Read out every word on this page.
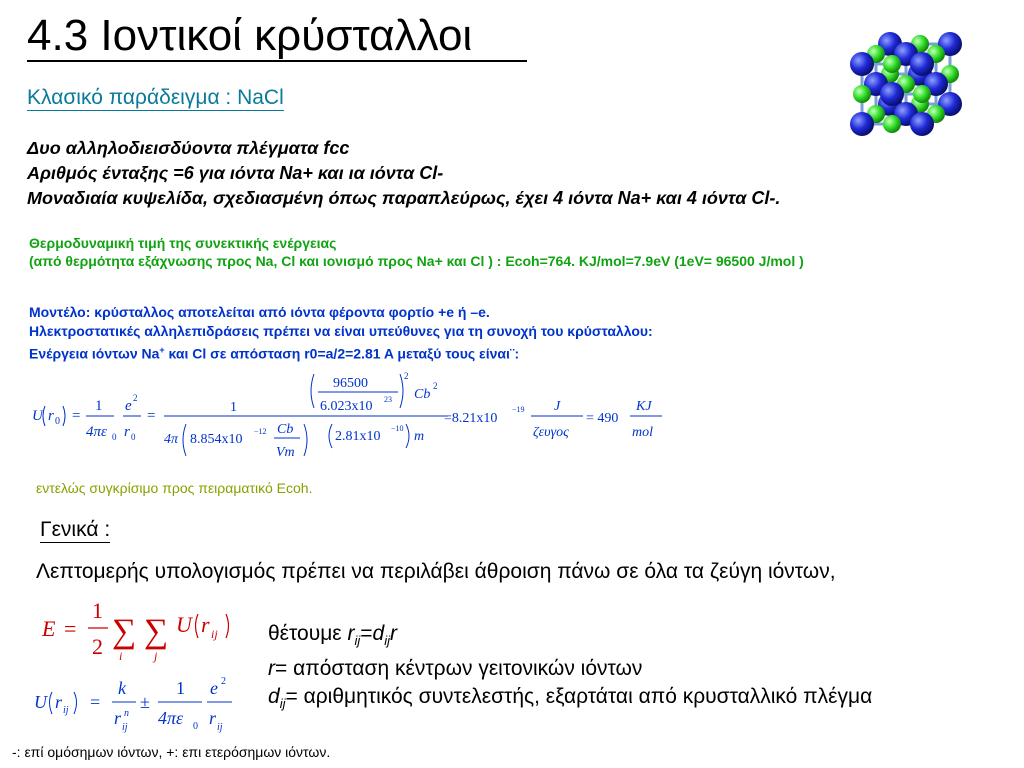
4.3 Ιοντικοί κρύσταλλοι
Κλασικό παράδειγμα : NaCl
Δυο αλληλοδιεισδύοντα πλέγματα fcc
Αριθμός ένταξης =6 για ιόντα Na+ και ια ιόντα Cl-
Μοναδιαία κυψελίδα, σχεδιασμένη όπως παραπλεύρως, έχει 4 ιόντα Na+ και 4 ιόντα Cl-.
Θερμοδυναμική τιμή της συνεκτικής ενέργειας
(από θερμότητα εξάχνωσης προς Na, Cl και ιονισμό προς Na+ και Cl ) : Ecoh=764. KJ/mol=7.9eV (1eV= 96500 J/mol )
Μοντέλο: κρύσταλλος αποτελείται από ιόντα φέροντα φορτίο +e ή –e.
Ηλεκτροστατικές αλληλεπιδράσεις πρέπει να είναι υπεύθυνες για τη συνοχή του κρύσταλλου:
Ενέργεια ιόντων Na+ και Cl σε απόσταση r0=a/2=2.81 A μεταξύ τους είναι¨:
U r 0 =
1
4πε 0
e 2
r 0
=
96500
6.023x10 23
2
Cb
2
1
4π 8.854x10
−12 Cb
Vm
2.81x10
−10
m
=8.21x10
−19 J
ζευγος
= 490
KJ
mol
εντελώς συγκρίσιμο προς πειραματικό Ecoh.
Γενικά :
Λεπτομερής υπολογισμός πρέπει να περιλάβει άθροιση πάνω σε όλα τα ζεύγη ιόντων,
E =
1
2 ∑
i
∑
j
U r ij
U r ij =
k
r n
ij
±
1
4πε 0
e 2
r ij
θέτουμε $r_{ij}=d_{ij}r$
r= απόσταση κέντρων γειτονικών ιόντων
$d_{ij}= \alpha\rho\iota\theta\mu\eta\tau\iota\kappa ό\varsigma$ συντελεστής, εξαρτάται από κρυσταλλικό πλέγμα
-: επί ομόσημων ιόντων, +: επι ετερόσημων ιόντων.
